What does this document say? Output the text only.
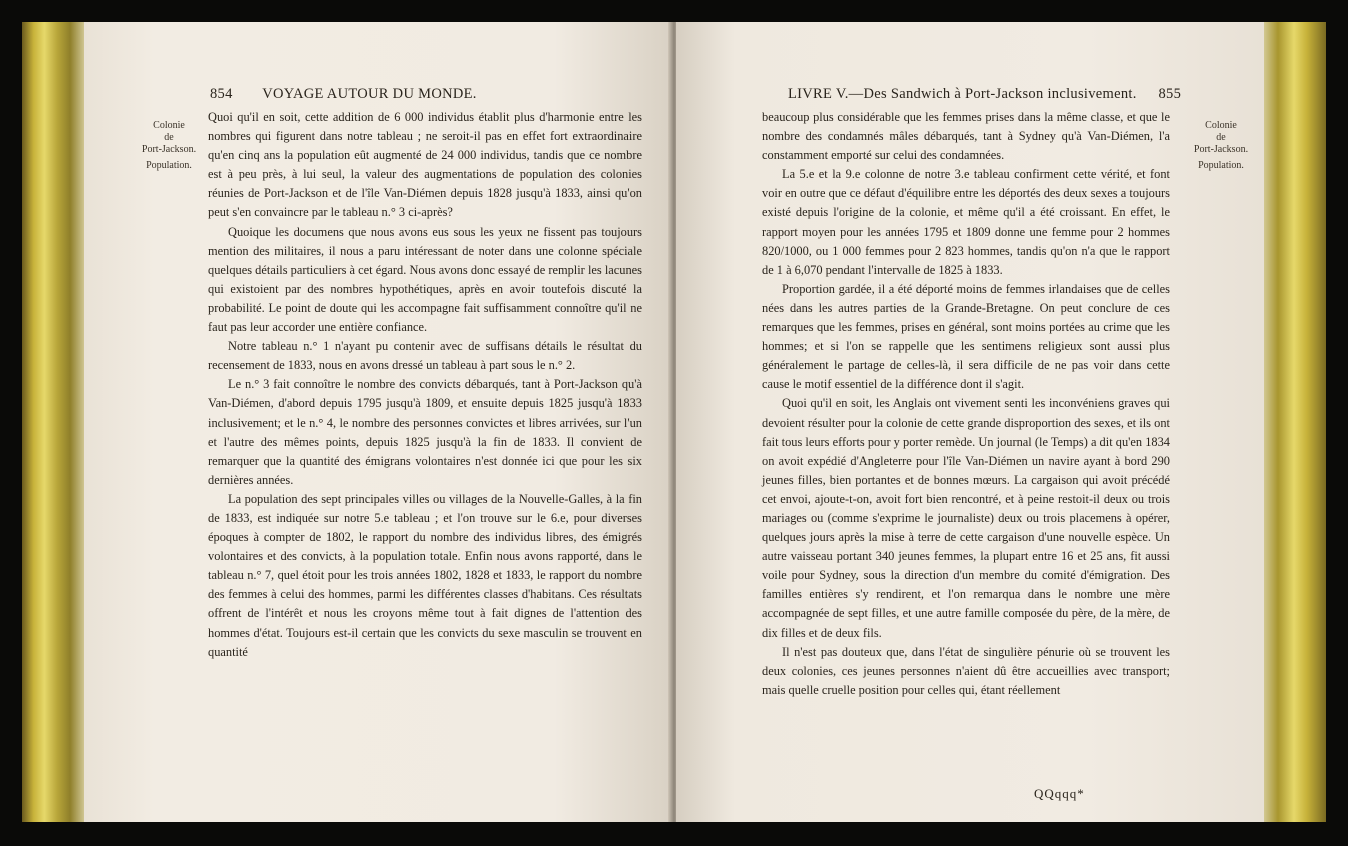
854 VOYAGE AUTOUR DU MONDE.
Colonie
de
Port-Jackson.
Population.

Quoi qu'il en soit, cette addition de 6 000 individus établit plus d'harmonie entre les nombres qui figurent dans notre tableau ; ne seroit-il pas en effet fort extraordinaire qu'en cinq ans la population eût augmenté de 24 000 individus, tandis que ce nombre est à peu près, à lui seul, la valeur des augmentations de population des colonies réunies de Port-Jackson et de l'île Van-Diémen depuis 1828 jusqu'à 1833, ainsi qu'on peut s'en convaincre par le tableau n.° 3 ci-après?

Quoique les documens que nous avons eus sous les yeux ne fissent pas toujours mention des militaires, il nous a paru intéressant de noter dans une colonne spéciale quelques détails particuliers à cet égard. Nous avons donc essayé de remplir les lacunes qui existoient par des nombres hypothétiques, après en avoir toutefois discuté la probabilité. Le point de doute qui les accompagne fait suffisamment connoître qu'il ne faut pas leur accorder une entière confiance.

Notre tableau n.° 1 n'ayant pu contenir avec de suffisans détails le résultat du recensement de 1833, nous en avons dressé un tableau à part sous le n.° 2.

Le n.° 3 fait connoître le nombre des convicts débarqués, tant à Port-Jackson qu'à Van-Diémen, d'abord depuis 1795 jusqu'à 1809, et ensuite depuis 1825 jusqu'à 1833 inclusivement; et le n.° 4, le nombre des personnes convictes et libres arrivées, sur l'un et l'autre des mêmes points, depuis 1825 jusqu'à la fin de 1833. Il convient de remarquer que la quantité des émigrans volontaires n'est donnée ici que pour les six dernières années.

La population des sept principales villes ou villages de la Nouvelle-Galles, à la fin de 1833, est indiquée sur notre 5.e tableau ; et l'on trouve sur le 6.e, pour diverses époques à compter de 1802, le rapport du nombre des individus libres, des émigrés volontaires et des convicts, à la population totale. Enfin nous avons rapporté, dans le tableau n.° 7, quel étoit pour les trois années 1802, 1828 et 1833, le rapport du nombre des femmes à celui des hommes, parmi les différentes classes d'habitans. Ces résultats offrent de l'intérêt et nous les croyons même tout à fait dignes de l'attention des hommes d'état. Toujours est-il certain que les convicts du sexe masculin se trouvent en quantité

LIVRE V.—Des Sandwich à Port-Jackson inclusivement. 855
Colonie
de
Port-Jackson.
Population.

beaucoup plus considérable que les femmes prises dans la même classe, et que le nombre des condamnés mâles débarqués, tant à Sydney qu'à Van-Diémen, l'a constamment emporté sur celui des condamnées.

La 5.e et la 9.e colonne de notre 3.e tableau confirment cette vérité, et font voir en outre que ce défaut d'équilibre entre les déportés des deux sexes a toujours existé depuis l'origine de la colonie, et même qu'il a été croissant. En effet, le rapport moyen pour les années 1795 et 1809 donne une femme pour 2 hommes 820/1000, ou 1 000 femmes pour 2 823 hommes, tandis qu'on n'a que le rapport de 1 à 6,070 pendant l'intervalle de 1825 à 1833.

Proportion gardée, il a été déporté moins de femmes irlandaises que de celles nées dans les autres parties de la Grande-Bretagne. On peut conclure de ces remarques que les femmes, prises en général, sont moins portées au crime que les hommes; et si l'on se rappelle que les sentimens religieux sont aussi plus généralement le partage de celles-là, il sera difficile de ne pas voir dans cette cause le motif essentiel de la différence dont il s'agit.

Quoi qu'il en soit, les Anglais ont vivement senti les inconvéniens graves qui devoient résulter pour la colonie de cette grande disproportion des sexes, et ils ont fait tous leurs efforts pour y porter remède. Un journal (le Temps) a dit qu'en 1834 on avoit expédié d'Angleterre pour l'île Van-Diémen un navire ayant à bord 290 jeunes filles, bien portantes et de bonnes mœurs. La cargaison qui avoit précédé cet envoi, ajoute-t-on, avoit fort bien rencontré, et à peine restoit-il deux ou trois mariages ou (comme s'exprime le journaliste) deux ou trois placemens à opérer, quelques jours après la mise à terre de cette cargaison d'une nouvelle espèce. Un autre vaisseau portant 340 jeunes femmes, la plupart entre 16 et 25 ans, fit aussi voile pour Sydney, sous la direction d'un membre du comité d'émigration. Des familles entières s'y rendirent, et l'on remarqua dans le nombre une mère accompagnée de sept filles, et une autre famille composée du père, de la mère, de dix filles et de deux fils.

Il n'est pas douteux que, dans l'état de singulière pénurie où se trouvent les deux colonies, ces jeunes personnes n'aient dû être accueillies avec transport; mais quelle cruelle position pour celles qui, étant réellement

QQqqq*
